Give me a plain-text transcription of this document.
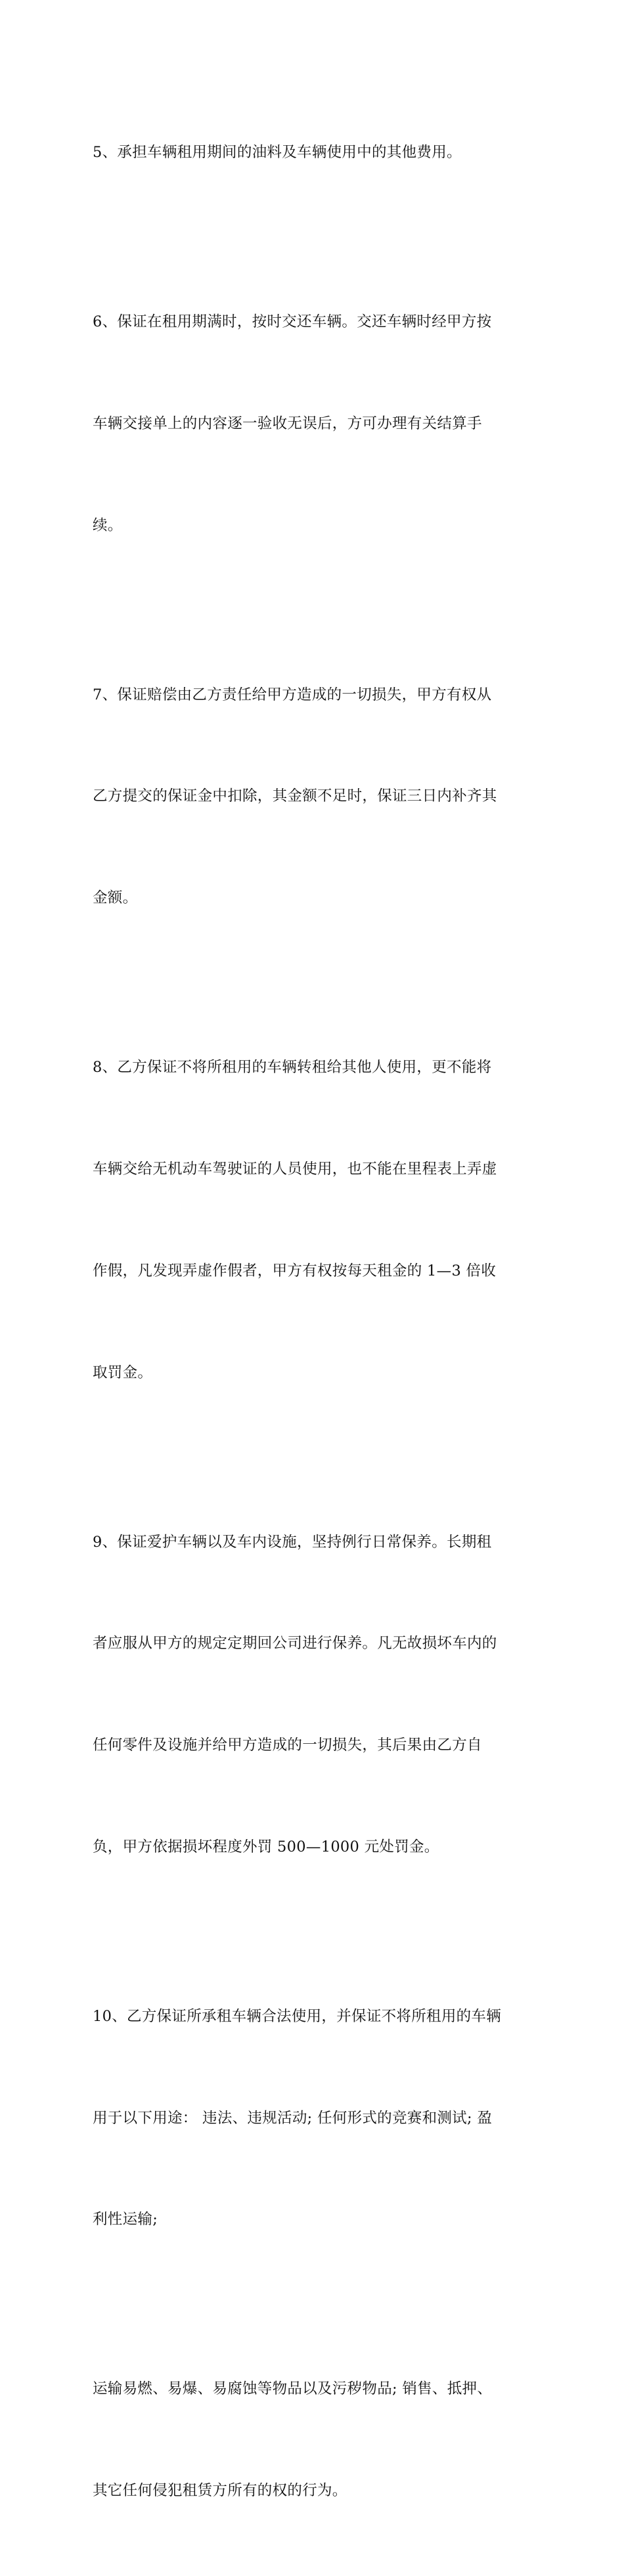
5、承担车辆租用期间的油料及车辆使用中的其他费用。

6、保证在租用期满时，按时交还车辆。交还车辆时经甲方按

车辆交接单上的内容逐一验收无误后，方可办理有关结算手

续。

7、保证赔偿由乙方责任给甲方造成的一切损失，甲方有权从

乙方提交的保证金中扣除，其金额不足时，保证三日内补齐其

金额。

8、乙方保证不将所租用的车辆转租给其他人使用，更不能将

车辆交给无机动车驾驶证的人员使用，也不能在里程表上弄虚

作假，凡发现弄虚作假者，甲方有权按每天租金的 1—3 倍收

取罚金。

9、保证爱护车辆以及车内设施，坚持例行日常保养。长期租

者应服从甲方的规定定期回公司进行保养。凡无故损坏车内的

任何零件及设施并给甲方造成的一切损失，其后果由乙方自

负，甲方依据损坏程度外罚 500—1000 元处罚金。

10、乙方保证所承租车辆合法使用，并保证不将所租用的车辆

用于以下用途： 违法、违规活动; 任何形式的竞赛和测试; 盈

利性运输;

运输易燃、易爆、易腐蚀等物品以及污秽物品; 销售、抵押、

其它任何侵犯租赁方所有的权的行为。
